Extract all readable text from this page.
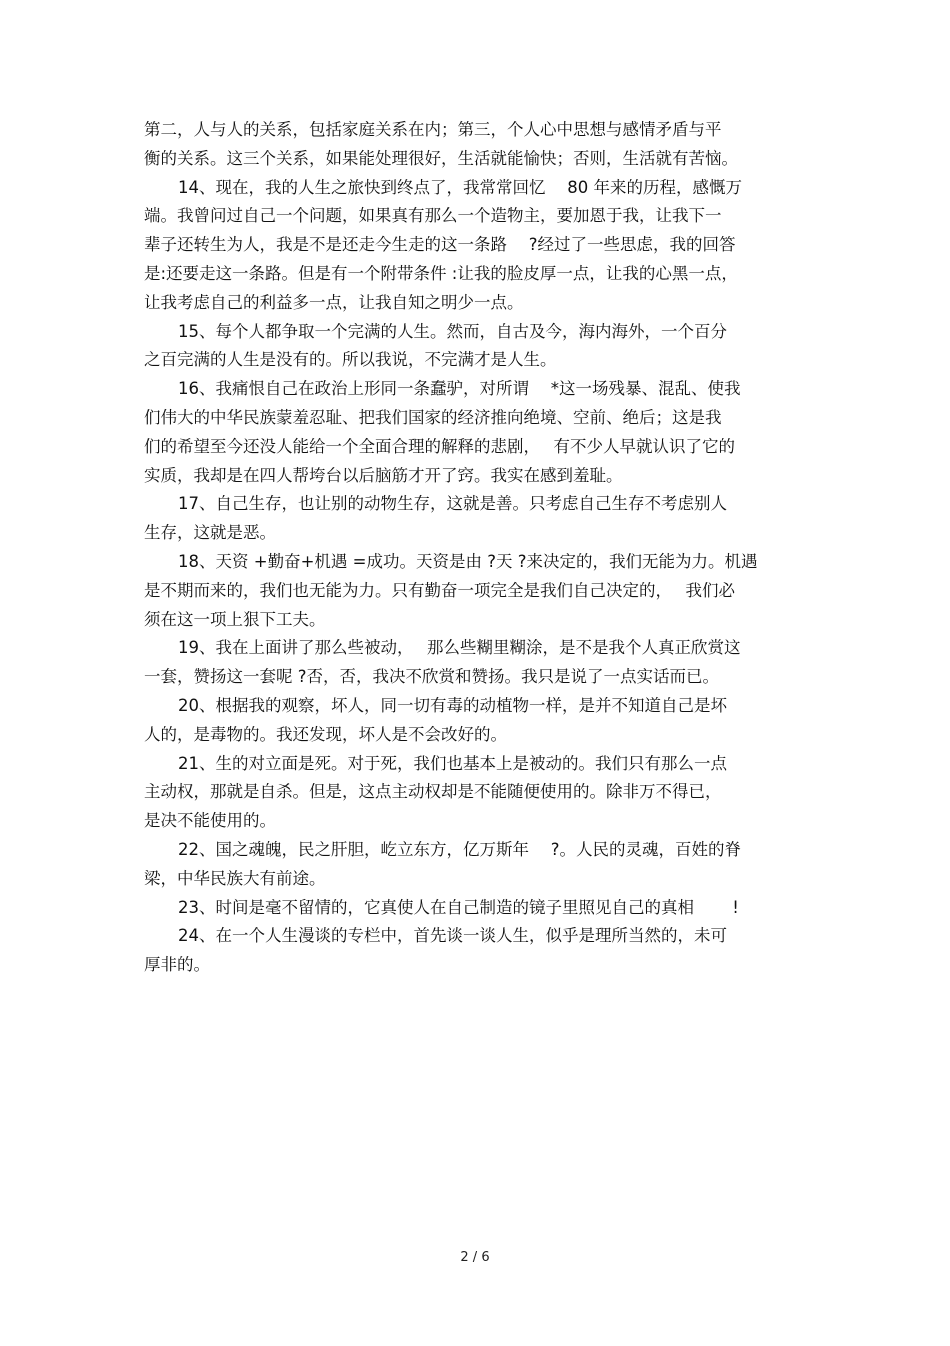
第二，人与人的关系，包括家庭关系在内；第三，个人心中思想与感情矛盾与平
衡的关系。这三个关系，如果能处理很好，生活就能愉快；否则，生活就有苦恼。

14、现在，我的人生之旅快到终点了，我常常回忆　 80 年来的历程，感慨万
端。我曾问过自己一个问题，如果真有那么一个造物主，要加恩于我，让我下一
辈子还转生为人，我是不是还走今生走的这一条路　 ?经过了一些思虑，我的回答
是:还要走这一条路。但是有一个附带条件 :让我的脸皮厚一点，让我的心黑一点，
让我考虑自己的利益多一点，让我自知之明少一点。

15、每个人都争取一个完满的人生。然而，自古及今，海内海外，一个百分
之百完满的人生是没有的。所以我说，不完满才是人生。

16、我痛恨自己在政治上形同一条蠢驴，对所谓　 *这一场残暴、混乱、使我
们伟大的中华民族蒙羞忍耻、把我们国家的经济推向绝境、空前、绝后；这是我
们的希望至今还没人能给一个全面合理的解释的悲剧，　 有不少人早就认识了它的
实质，我却是在四人帮垮台以后脑筋才开了窍。我实在感到羞耻。

17、自己生存，也让别的动物生存，这就是善。只考虑自己生存不考虑别人
生存，这就是恶。

18、天资 +勤奋+机遇 =成功。天资是由 ?天 ?来决定的，我们无能为力。机遇
是不期而来的，我们也无能为力。只有勤奋一项完全是我们自己决定的，　 我们必
须在这一项上狠下工夫。

19、我在上面讲了那么些被动，　 那么些糊里糊涂，是不是我个人真正欣赏这
一套，赞扬这一套呢 ?否，否，我决不欣赏和赞扬。我只是说了一点实话而已。

20、根据我的观察，坏人，同一切有毒的动植物一样，是并不知道自己是坏
人的，是毒物的。我还发现，坏人是不会改好的。

21、生的对立面是死。对于死，我们也基本上是被动的。我们只有那么一点
主动权，那就是自杀。但是，这点主动权却是不能随便使用的。除非万不得已，
是决不能使用的。

22、国之魂魄，民之肝胆，屹立东方，亿万斯年　 ?。人民的灵魂，百姓的脊
梁，中华民族大有前途。

23、时间是毫不留情的，它真使人在自己制造的镜子里照见自己的真相　　 !

24、在一个人生漫谈的专栏中，首先谈一谈人生，似乎是理所当然的，未可
厚非的。

2 / 6
